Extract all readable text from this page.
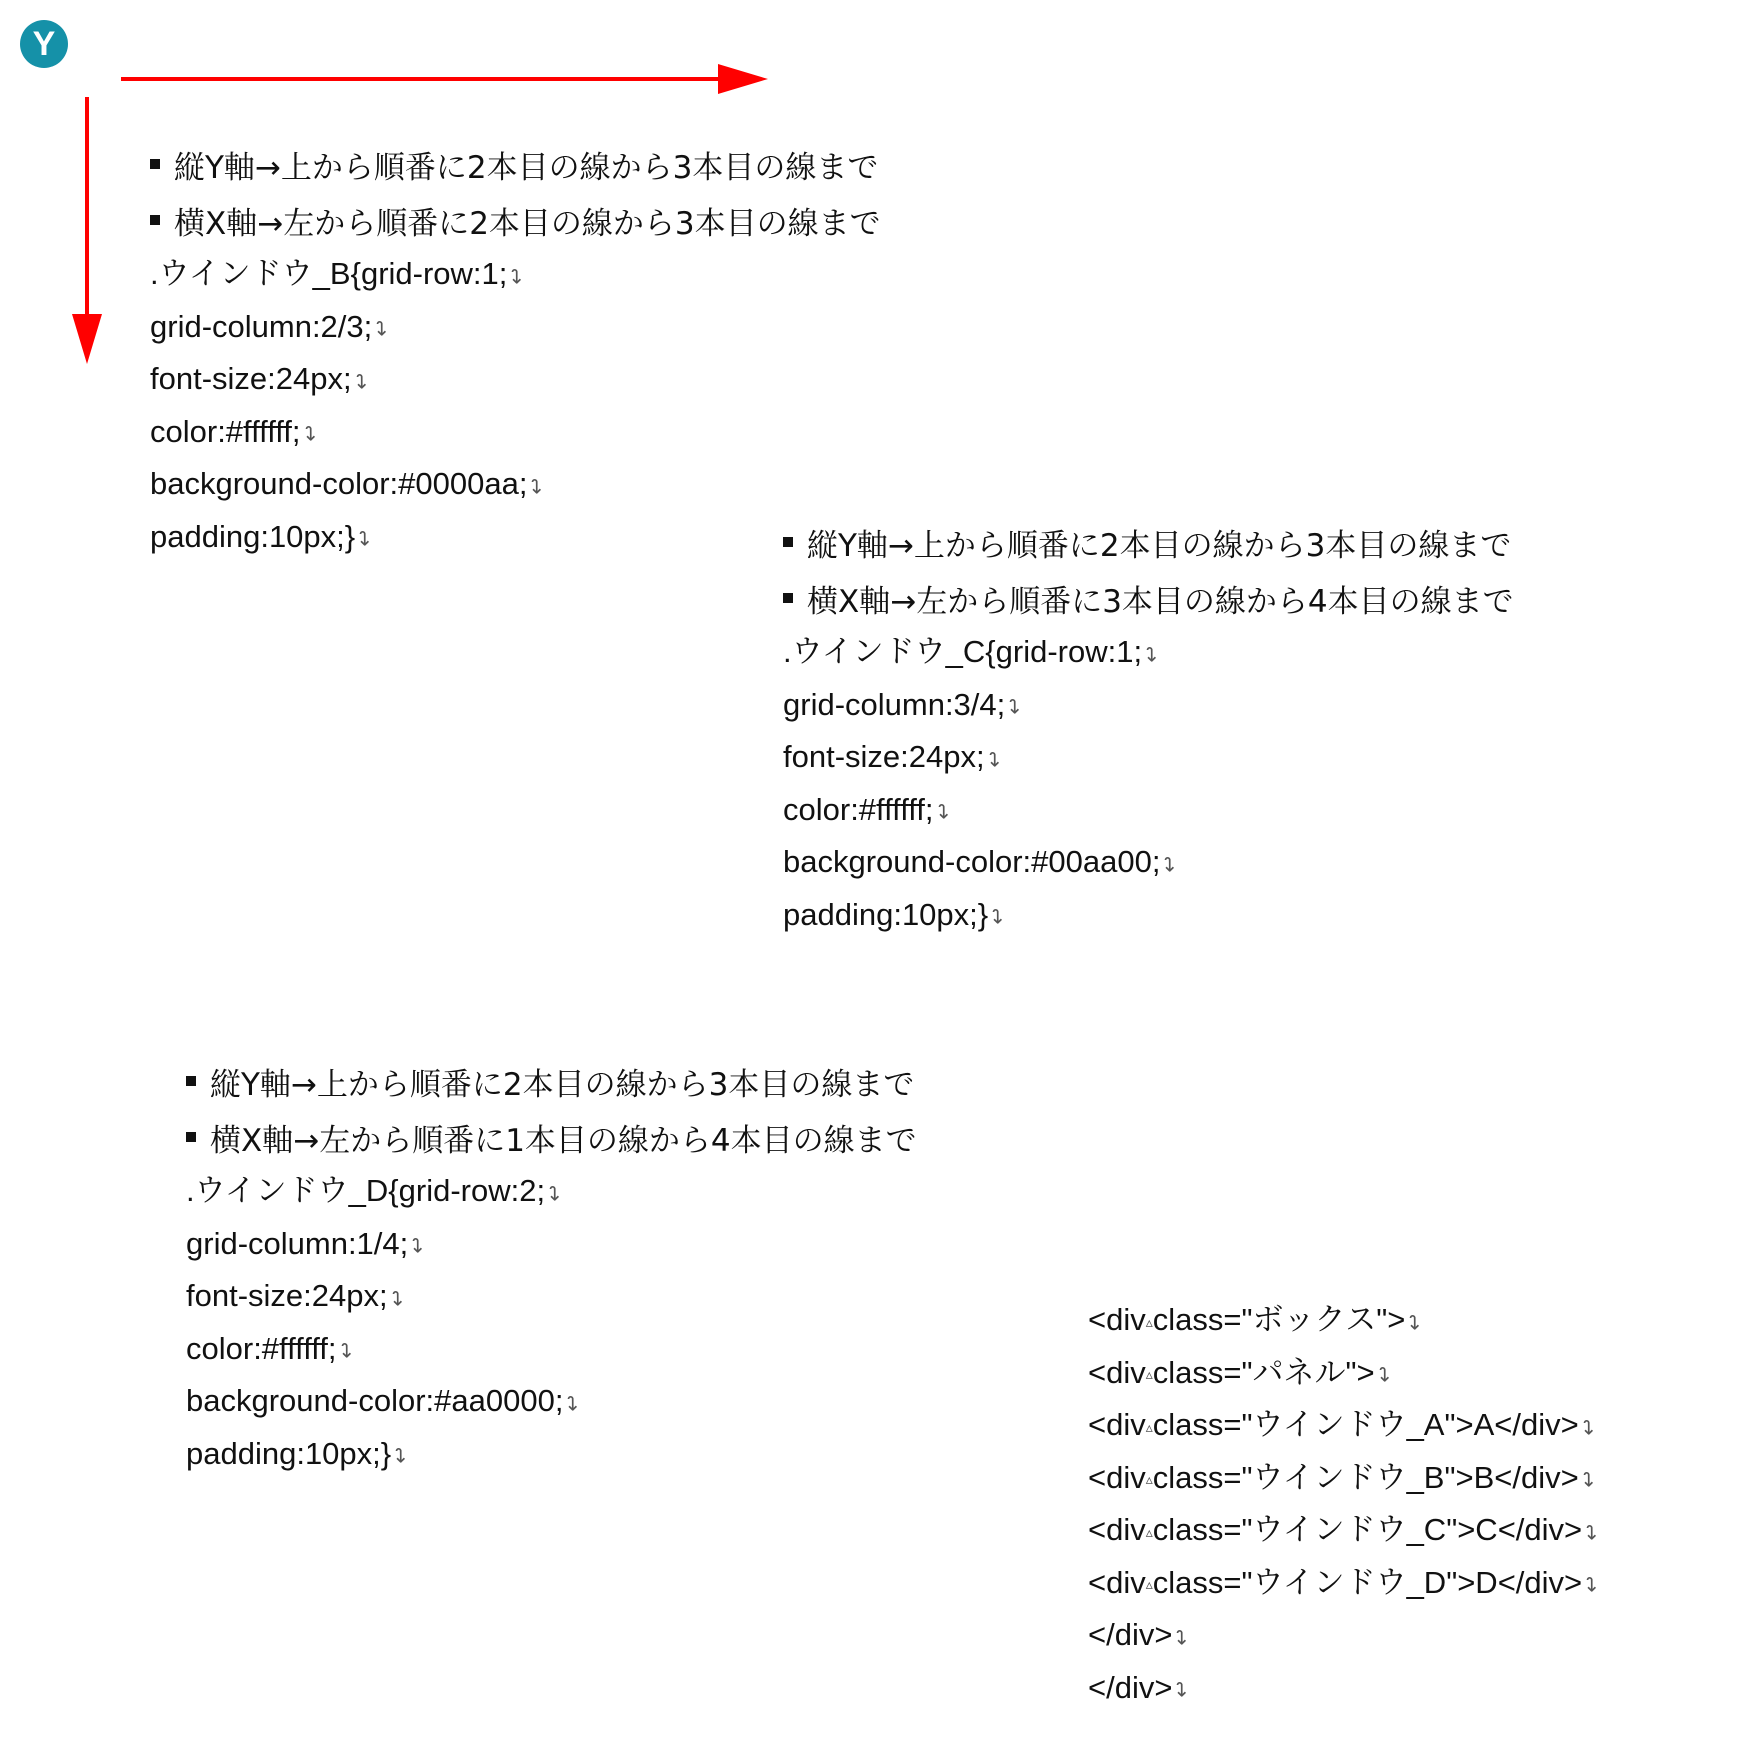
Y
縦Y軸→上から順番に2本目の線から3本目の線まで
横X軸→左から順番に2本目の線から3本目の線まで
.ウインドウ_B{grid-row:1;↩
grid-column:2/3;↩
font-size:24px;↩
color:#ffffff;↩
background-color:#0000aa;↩
padding:10px;}↩	縦Y軸→上から順番に2本目の線から3本目の線まで
横X軸→左から順番に3本目の線から4本目の線まで
.ウインドウ_C{grid-row:1;↩
grid-column:3/4;↩
font-size:24px;↩
color:#ffffff;↩
background-color:#00aa00;↩
padding:10px;}↩
縦Y軸→上から順番に2本目の線から3本目の線まで
横X軸→左から順番に1本目の線から4本目の線まで
.ウインドウ_D{grid-row:2;↩
grid-column:1/4;↩
font-size:24px;↩
color:#ffffff;↩
background-color:#aa0000;↩
padding:10px;}↩
<div▵class="ボックス">↩
<div▵class="パネル">↩
<div▵class="ウインドウ_A">A</div>↩
<div▵class="ウインドウ_B">B</div>↩
<div▵class="ウインドウ_C">C</div>↩
<div▵class="ウインドウ_D">D</div>↩
</div>↩
</div>↩
